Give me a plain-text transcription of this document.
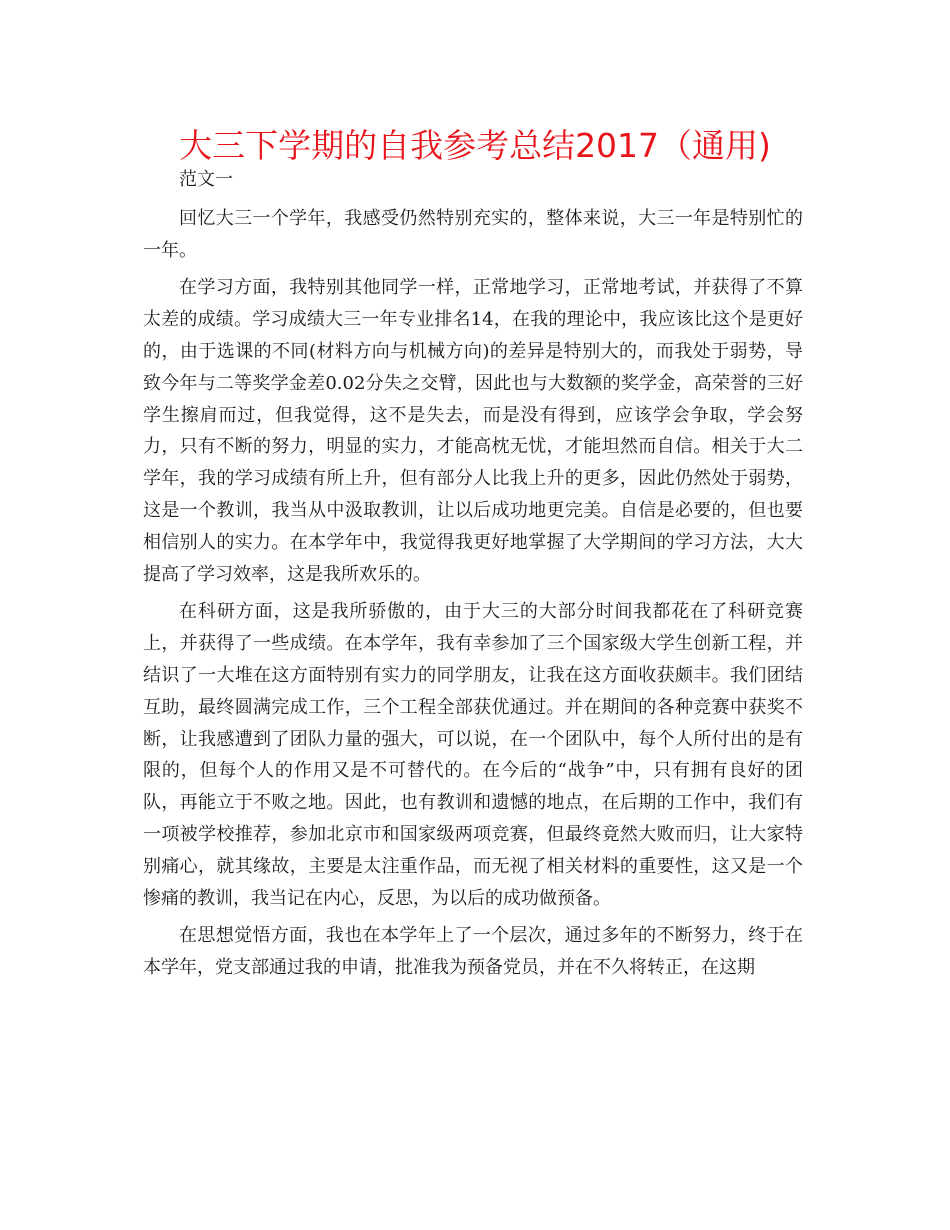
大三下学期的自我参考总结2017（通用)

范文一

回忆大三一个学年，我感受仍然特别充实的，整体来说，大三一年是特别忙的一年。

在学习方面，我特别其他同学一样，正常地学习，正常地考试，并获得了不算太差的成绩。学习成绩大三一年专业排名14，在我的理论中，我应该比这个是更好的，由于选课的不同(材料方向与机械方向)的差异是特别大的，而我处于弱势，导致今年与二等奖学金差0.02分失之交臂，因此也与大数额的奖学金，高荣誉的三好学生擦肩而过，但我觉得，这不是失去，而是没有得到，应该学会争取，学会努力，只有不断的努力，明显的实力，才能高枕无忧，才能坦然而自信。相关于大二学年，我的学习成绩有所上升，但有部分人比我上升的更多，因此仍然处于弱势，这是一个教训，我当从中汲取教训，让以后成功地更完美。自信是必要的，但也要相信别人的实力。在本学年中，我觉得我更好地掌握了大学期间的学习方法，大大提高了学习效率，这是我所欢乐的。

在科研方面，这是我所骄傲的，由于大三的大部分时间我都花在了科研竞赛上，并获得了一些成绩。在本学年，我有幸参加了三个国家级大学生创新工程，并结识了一大堆在这方面特别有实力的同学朋友，让我在这方面收获颇丰。我们团结互助，最终圆满完成工作，三个工程全部获优通过。并在期间的各种竞赛中获奖不断，让我感遭到了团队力量的强大，可以说，在一个团队中，每个人所付出的是有限的，但每个人的作用又是不可替代的。在今后的“战争”中，只有拥有良好的团队，再能立于不败之地。因此，也有教训和遗憾的地点，在后期的工作中，我们有一项被学校推荐，参加北京市和国家级两项竞赛，但最终竟然大败而归，让大家特别痛心，就其缘故，主要是太注重作品，而无视了相关材料的重要性，这又是一个惨痛的教训，我当记在内心，反思，为以后的成功做预备。

在思想觉悟方面，我也在本学年上了一个层次，通过多年的不断努力，终于在本学年，党支部通过我的申请，批准我为预备党员，并在不久将转正，在这期
